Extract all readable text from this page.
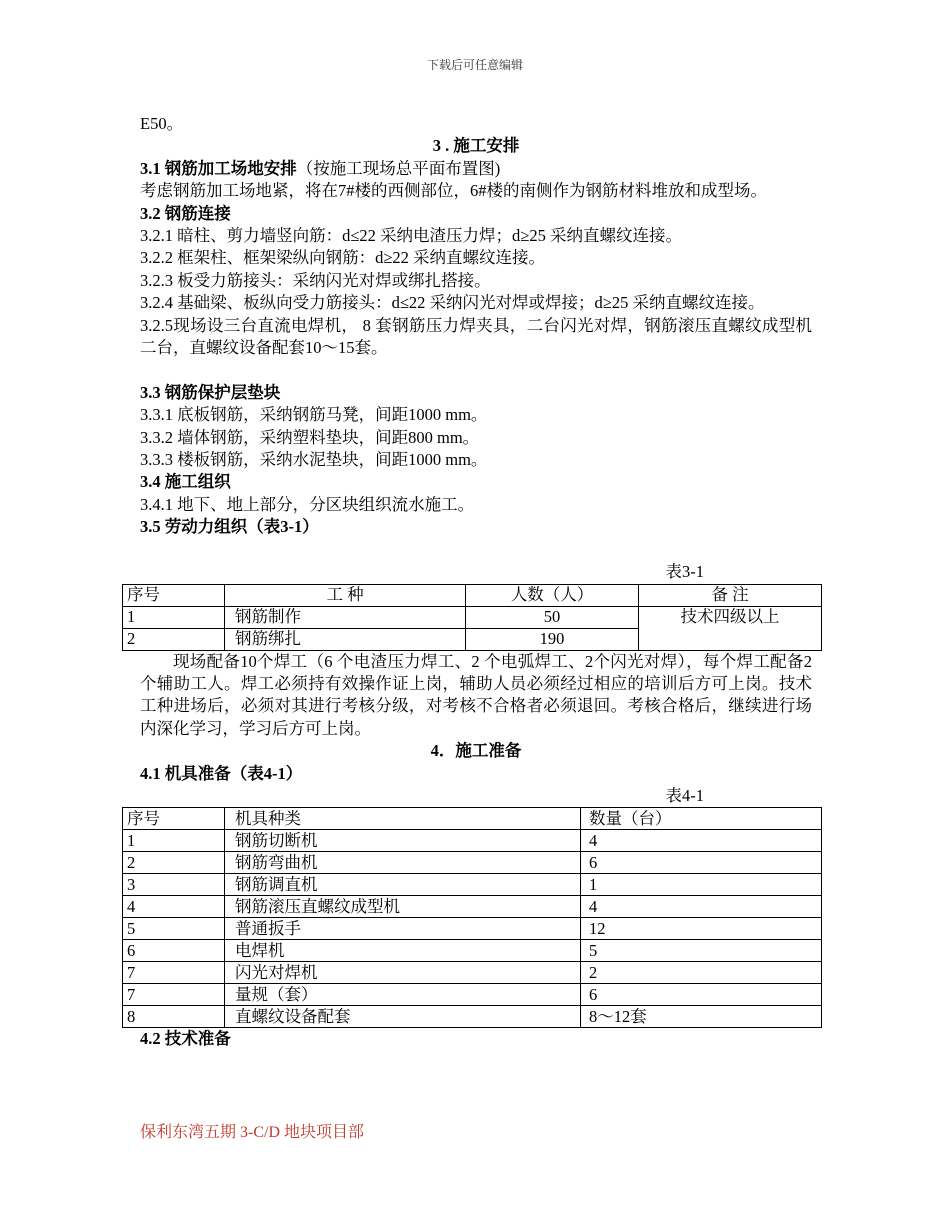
下载后可任意编辑

E50。

3 . 施工安排

3.1 钢筋加工场地安排（按施工现场总平面布置图)

考虑钢筋加工场地紧，将在7#楼的西侧部位，6#楼的南侧作为钢筋材料堆放和成型场。

3.2 钢筋连接

3.2.1 暗柱、剪力墙竖向筋：d≤22 采纳电渣压力焊；d≥25 采纳直螺纹连接。

3.2.2 框架柱、框架梁纵向钢筋：d≥22 采纳直螺纹连接。

3.2.3 板受力筋接头：采纳闪光对焊或绑扎搭接。

3.2.4 基础梁、板纵向受力筋接头：d≤22 采纳闪光对焊或焊接；d≥25 采纳直螺纹连接。

3.2.5现场设三台直流电焊机， 8 套钢筋压力焊夹具，二台闪光对焊，钢筋滚压直螺纹成型机二台，直螺纹设备配套10～15套。

3.3 钢筋保护层垫块

3.3.1 底板钢筋，采纳钢筋马凳，间距1000 mm。

3.3.2 墙体钢筋，采纳塑料垫块，间距800 mm。

3.3.3 楼板钢筋，采纳水泥垫块，间距1000 mm。

3.4 施工组织

3.4.1 地下、地上部分，分区块组织流水施工。

3.5 劳动力组织（表3-1）

表3-1

序号	工 种	人数（人）	备 注
1	钢筋制作	50	技术四级以上
2	钢筋绑扎	190	

现场配备10个焊工（6 个电渣压力焊工、2 个电弧焊工、2个闪光对焊），每个焊工配备2 个辅助工人。焊工必须持有效操作证上岗，辅助人员必须经过相应的培训后方可上岗。技术工种进场后，必须对其进行考核分级，对考核不合格者必须退回。考核合格后，继续进行场内深化学习，学习后方可上岗。

4．施工准备

4.1 机具准备（表4-1）

表4-1

序号	机具种类	数量（台）
1	钢筋切断机	4
2	钢筋弯曲机	6
3	钢筋调直机	1
4	钢筋滚压直螺纹成型机	4
5	普通扳手	12
6	电焊机	5
7	闪光对焊机	2
7	量规（套）	6
8	直螺纹设备配套	8～12套

4.2 技术准备

保利东湾五期 3-C/D 地块项目部
